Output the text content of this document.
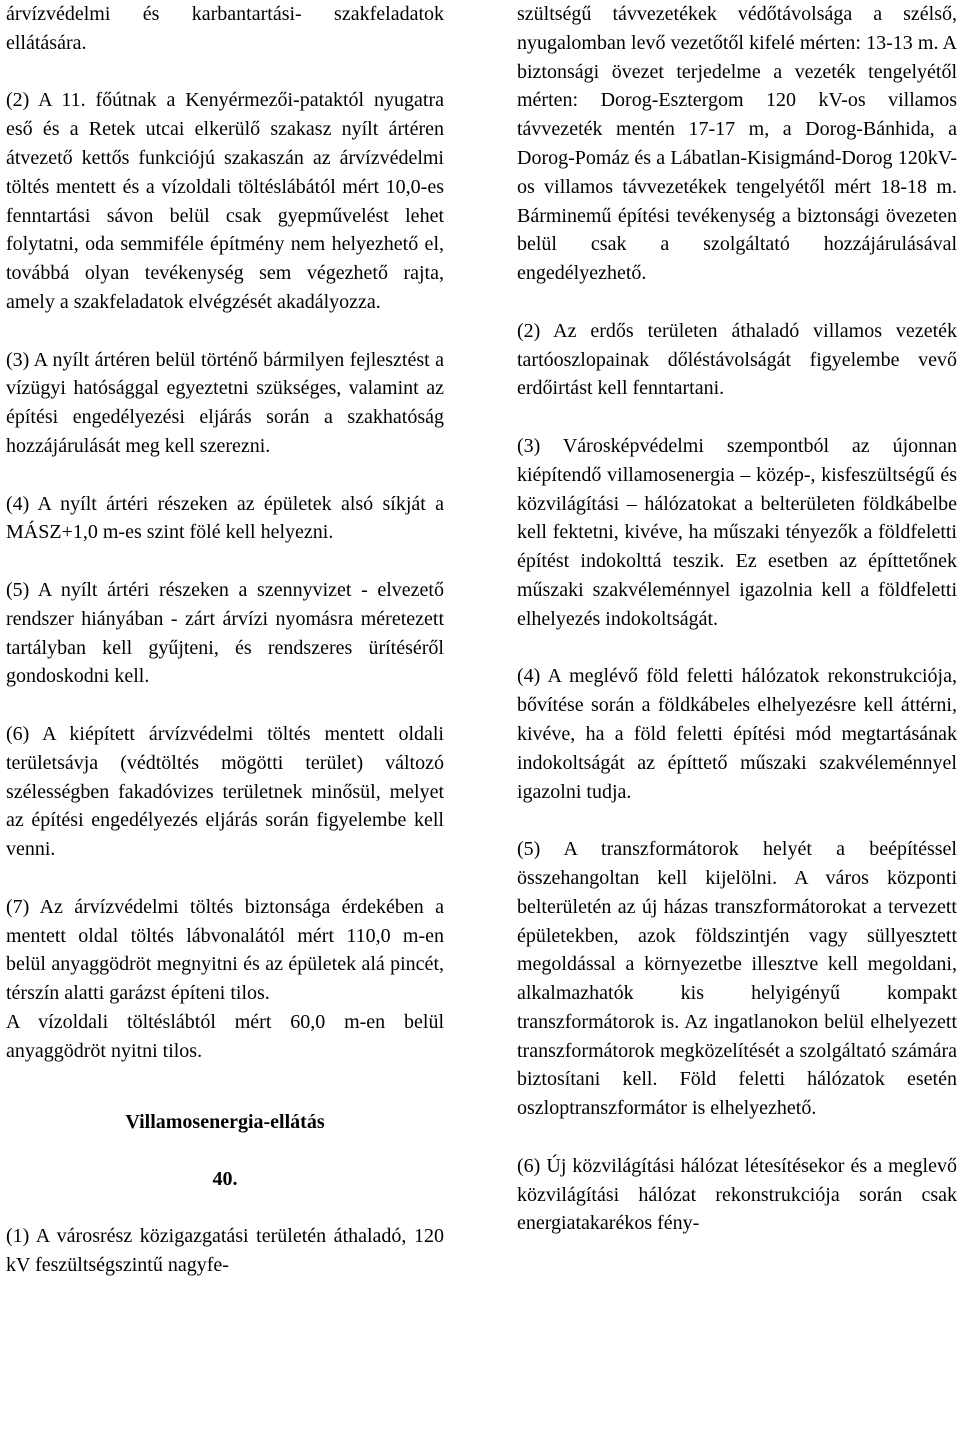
árvízvédelmi és karbantartási- szakfeladatok ellátására.

(2) A 11. főútnak a Kenyérmezői-pataktól nyugatra eső és a Retek utcai elkerülő szakasz nyílt ártéren átvezető kettős funkciójú szakaszán az árvízvédelmi töltés mentett és a vízoldali töltéslábától mért 10,0-es fenntartási sávon belül csak gyepművelést lehet folytatni, oda semmiféle építmény nem helyezhető el, továbbá olyan tevékenység sem végezhető rajta, amely a szakfeladatok elvégzését akadályozza.

(3) A nyílt ártéren belül történő bármilyen fejlesztést a vízügyi hatósággal egyeztetni szükséges, valamint az építési engedélyezési eljárás során a szakhatóság hozzájárulását meg kell szerezni.

(4) A nyílt ártéri részeken az épületek alsó síkját a MÁSZ+1,0 m-es szint fölé kell helyezni.

(5) A nyílt ártéri részeken a szennyvizet - elvezető rendszer hiányában - zárt árvízi nyomásra méretezett tartályban kell gyűjteni, és rendszeres ürítéséről gondoskodni kell.

(6) A kiépített árvízvédelmi töltés mentett oldali területsávja (védtöltés mögötti terület) változó szélességben fakadóvizes területnek minősül, melyet az építési engedélyezés eljárás során figyelembe kell venni.

(7) Az árvízvédelmi töltés biztonsága érdekében a mentett oldal töltés lábvonalától mért 110,0 m-en belül anyaggödröt megnyitni és az épületek alá pincét, térszín alatti garázst építeni tilos.

A vízoldali töltéslábtól mért 60,0 m-en belül anyaggödröt nyitni tilos.

Villamosenergia-ellátás
40.

(1) A városrész közigazgatási területén áthaladó, 120 kV feszültségszintű nagyfe-

szültségű távvezetékek védőtávolsága a szélső, nyugalomban levő vezetőtől kifelé mérten: 13-13 m. A biztonsági övezet terjedelme a vezeték tengelyétől mérten: Dorog-Esztergom 120 kV-os villamos távvezeték mentén 17-17 m, a Dorog-Bánhida, a Dorog-Pomáz és a Lábatlan-Kisigmánd-Dorog 120kV-os villamos távvezetékek tengelyétől mért 18-18 m. Bárminemű építési tevékenység a biztonsági övezeten belül csak a szolgáltató hozzájárulásával engedélyezhető.

(2) Az erdős területen áthaladó villamos vezeték tartóoszlopainak dőléstávolságát figyelembe vevő erdőirtást kell fenntartani.

(3) Városképvédelmi szempontból az újonnan kiépítendő villamosenergia – közép-, kisfeszültségű és közvilágítási – hálózatokat a belterületen földkábelbe kell fektetni, kivéve, ha műszaki tényezők a földfeletti építést indokolttá teszik. Ez esetben az építtetőnek műszaki szakvéleménnyel igazolnia kell a földfeletti elhelyezés indokoltságát.

(4) A meglévő föld feletti hálózatok rekonstrukciója, bővítése során a földkábeles elhelyezésre kell áttérni, kivéve, ha a föld feletti építési mód megtartásának indokoltságát az építtető műszaki szakvéleménnyel igazolni tudja.

(5) A transzformátorok helyét a beépítéssel összehangoltan kell kijelölni. A város központi belterületén az új házas transzformátorokat a tervezett épületekben, azok földszintjén vagy süllyesztett megoldással a környezetbe illesztve kell megoldani, alkalmazhatók kis helyigényű kompakt transzformátorok is. Az ingatlanokon belül elhelyezett transzformátorok megközelítését a szolgáltató számára biztosítani kell. Föld feletti hálózatok esetén oszloptranszformátor is elhelyezhető.

(6) Új közvilágítási hálózat létesítésekor és a meglevő közvilágítási hálózat rekonstrukciója során csak energiatakarékos fény-
